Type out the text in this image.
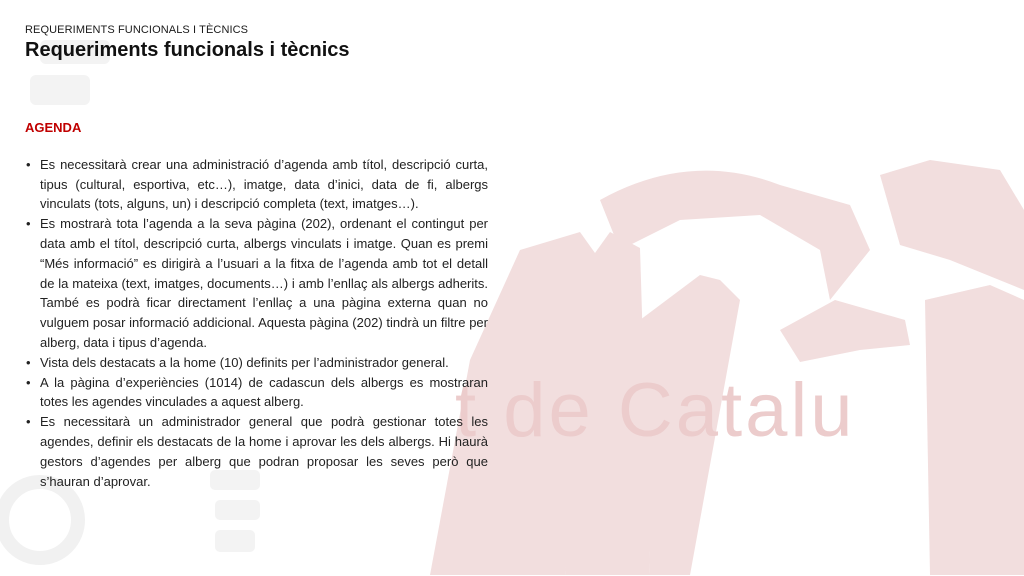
t de Catalu
REQUERIMENTS FUNCIONALS I TÈCNICS
Requeriments funcionals i tècnics
AGENDA
• Es necessitarà crear una administració d’agenda amb títol, descripció curta, tipus (cultural, esportiva, etc…), imatge, data d’inici, data de fi, albergs vinculats (tots, alguns, un) i descripció completa (text, imatges…).
• Es mostrarà tota l’agenda a la seva pàgina (202), ordenant el contingut per data amb el títol, descripció curta, albergs vinculats i imatge. Quan es premi “Més informació” es dirigirà a l’usuari a la fitxa de l’agenda amb tot el detall de la mateixa (text, imatges, documents…) i amb l’enllaç als albergs adherits. També es podrà ficar directament l’enllaç a una pàgina externa quan no vulguem posar informació addicional. Aquesta pàgina (202) tindrà un filtre per alberg, data i tipus d’agenda.
• Vista dels destacats a la home (10) definits per l’administrador general.
• A la pàgina d’experiències (1014) de cadascun dels albergs es mostraran totes les agendes vinculades a aquest alberg.
• Es necessitarà un administrador general que podrà gestionar totes les agendes, definir els destacats de la home i aprovar les dels albergs. Hi haurà gestors d’agendes per alberg que podran proposar les seves però que s’hauran d’aprovar.
